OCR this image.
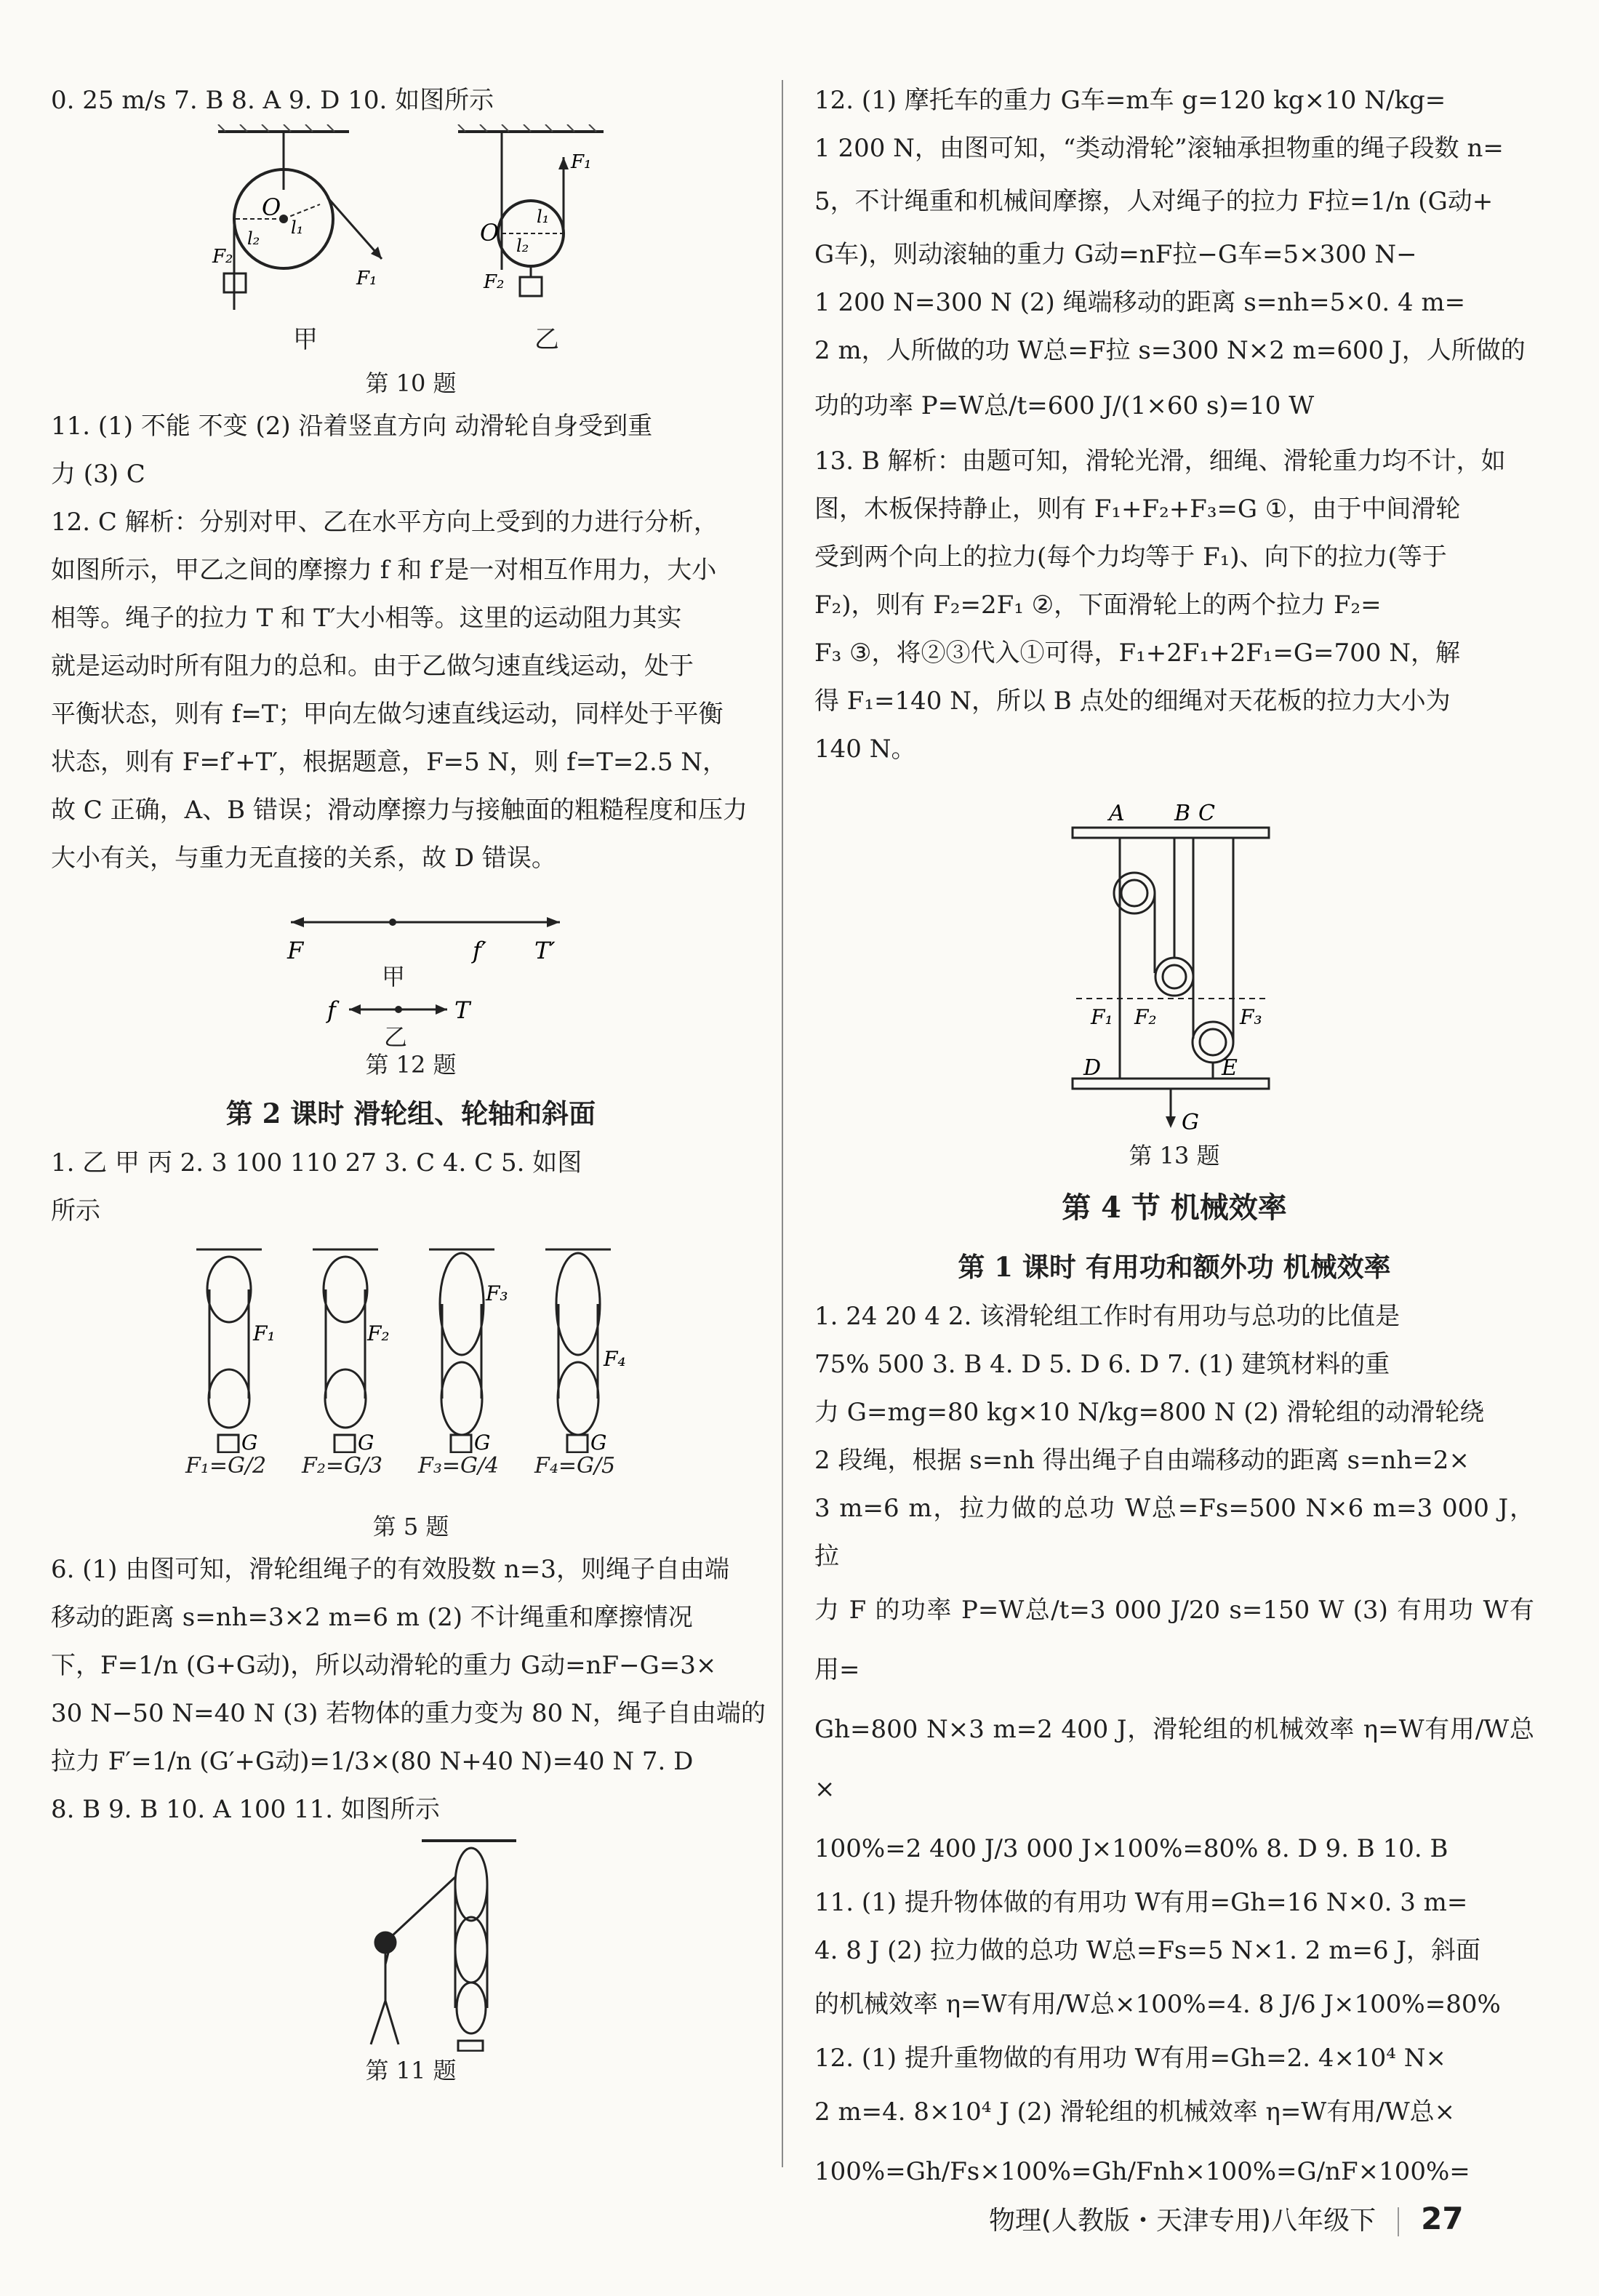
0. 25 m/s 7. B 8. A 9. D 10. 如图所示

O
l₁
l₂
F₂
F₁
O
l₁
l₂
F₁
F₂
甲	乙

第 10 题

11. (1) 不能 不变 (2) 沿着竖直方向 动滑轮自身受到重

力 (3) C

12. C 解析：分别对甲、乙在水平方向上受到的力进行分析，

如图所示，甲乙之间的摩擦力 f 和 f′是一对相互作用力，大小

相等。绳子的拉力 T 和 T′大小相等。这里的运动阻力其实

就是运动时所有阻力的总和。由于乙做匀速直线运动，处于

平衡状态，则有 f=T；甲向左做匀速直线运动，同样处于平衡

状态，则有 F=f′+T′，根据题意，F=5 N，则 f=T=2.5 N，

故 C 正确，A、B 错误；滑动摩擦力与接触面的粗糙程度和压力

大小有关，与重力无直接的关系，故 D 错误。

F	f′ T′
f	T
甲
乙

第 12 题

第 2 课时 滑轮组、轮轴和斜面

1. 乙 甲 丙 2. 3 100 110 27 3. C 4. C 5. 如图

所示

F₁	F₂
F₃
F₄
G	G	G	G
F₁=G/2 F₂=G/3 F₃=G/4 F₄=G/5

第 5 题

6. (1) 由图可知，滑轮组绳子的有效股数 n=3，则绳子自由端

移动的距离 s=nh=3×2 m=6 m (2) 不计绳重和摩擦情况

下，F=1/n (G+G动)，所以动滑轮的重力 G动=nF−G=3×

30 N−50 N=40 N (3) 若物体的重力变为 80 N，绳子自由端的

拉力 F′=1/n (G′+G动)=1/3×(80 N+40 N)=40 N 7. D

8. B 9. B 10. A 100 11. 如图所示

第 11 题

12. (1) 摩托车的重力 G车=m车 g=120 kg×10 N/kg=

1 200 N，由图可知，“类动滑轮”滚轴承担物重的绳子段数 n=

5，不计绳重和机械间摩擦，人对绳子的拉力 F拉=1/n (G动+

G车)，则动滚轴的重力 G动=nF拉−G车=5×300 N−

1 200 N=300 N (2) 绳端移动的距离 s=nh=5×0. 4 m=

2 m，人所做的功 W总=F拉 s=300 N×2 m=600 J，人所做的

功的功率 P=W总/t=600 J/(1×60 s)=10 W

13. B 解析：由题可知，滑轮光滑，细绳、滑轮重力均不计，如

图，木板保持静止，则有 F₁+F₂+F₃=G ①，由于中间滑轮

受到两个向上的拉力(每个力均等于 F₁)、向下的拉力(等于

F₂)，则有 F₂=2F₁ ②，下面滑轮上的两个拉力 F₂=

F₃ ③，将②③代入①可得，F₁+2F₁+2F₁=G=700 N，解

得 F₁=140 N，所以 B 点处的细绳对天花板的拉力大小为

140 N。

A B C
F₁ F₂	F₃
D	E
G

第 13 题

第 4 节 机械效率

第 1 课时 有用功和额外功 机械效率

1. 24 20 4 2. 该滑轮组工作时有用功与总功的比值是

75% 500 3. B 4. D 5. D 6. D 7. (1) 建筑材料的重

力 G=mg=80 kg×10 N/kg=800 N (2) 滑轮组的动滑轮绕

2 段绳，根据 s=nh 得出绳子自由端移动的距离 s=nh=2×

3 m=6 m，拉力做的总功 W总=Fs=500 N×6 m=3 000 J，拉

力 F 的功率 P=W总/t=3 000 J/20 s=150 W (3) 有用功 W有用=

Gh=800 N×3 m=2 400 J，滑轮组的机械效率 η=W有用/W总×

100%=2 400 J/3 000 J×100%=80% 8. D 9. B 10. B

11. (1) 提升物体做的有用功 W有用=Gh=16 N×0. 3 m=

4. 8 J (2) 拉力做的总功 W总=Fs=5 N×1. 2 m=6 J，斜面

的机械效率 η=W有用/W总×100%=4. 8 J/6 J×100%=80%

12. (1) 提升重物做的有用功 W有用=Gh=2. 4×10⁴ N×

2 m=4. 8×10⁴ J (2) 滑轮组的机械效率 η=W有用/W总×

100%=Gh/Fs×100%=Gh/Fnh×100%=G/nF×100%=

物理(人教版・天津专用)八年级下 27
